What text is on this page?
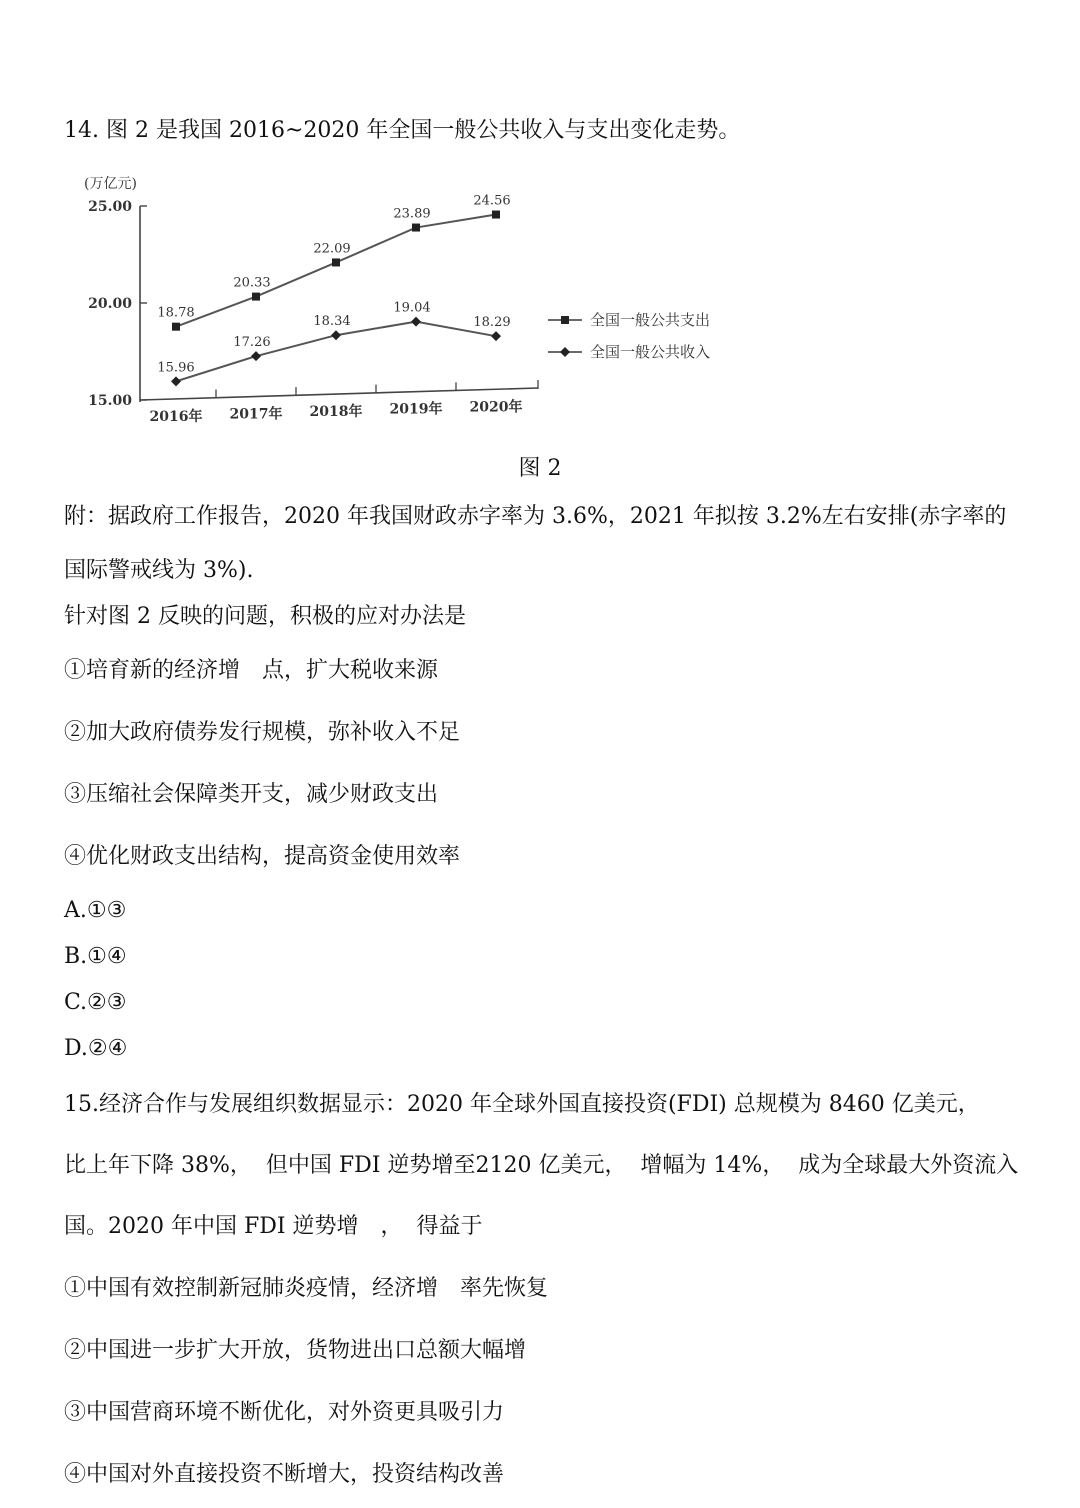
14. 图 2 是我国 2016~2020 年全国一般公共收入与支出变化走势。
25.00
20.00
15.00
(万亿元)
2016年 2017年 2018年 2019年 2020年
18.78
20.33
22.09
23.89
24.56
15.96
17.26
18.34
19.04
18.29	全国一般公共支出
全国一般公共收入
图 2
附：据政府工作报告，2020 年我国财政赤字率为 3.6%，2021 年拟按 3.2%左右安排(赤字率的
国际警戒线为 3%).
针对图 2 反映的问题，积极的应对办法是
①培育新的经济增　点，扩大税收来源
②加大政府债券发行规模，弥补收入不足
③压缩社会保障类开支，减少财政支出
④优化财政支出结构，提高资金使用效率
A.①③
B.①④
C.②③
D.②④
15.经济合作与发展组织数据显示：2020 年全球外国直接投资(FDI) 总规模为 8460 亿美元，
比上年下降 38%，  但中国 FDI 逆势增至2120 亿美元，  增幅为 14%，  成为全球最大外资流入
国。2020 年中国 FDI 逆势增　，  得益于
①中国有效控制新冠肺炎疫情，经济增　率先恢复
②中国进一步扩大开放，货物进出口总额大幅增
③中国营商环境不断优化，对外资更具吸引力
④中国对外直接投资不断增大，投资结构改善
